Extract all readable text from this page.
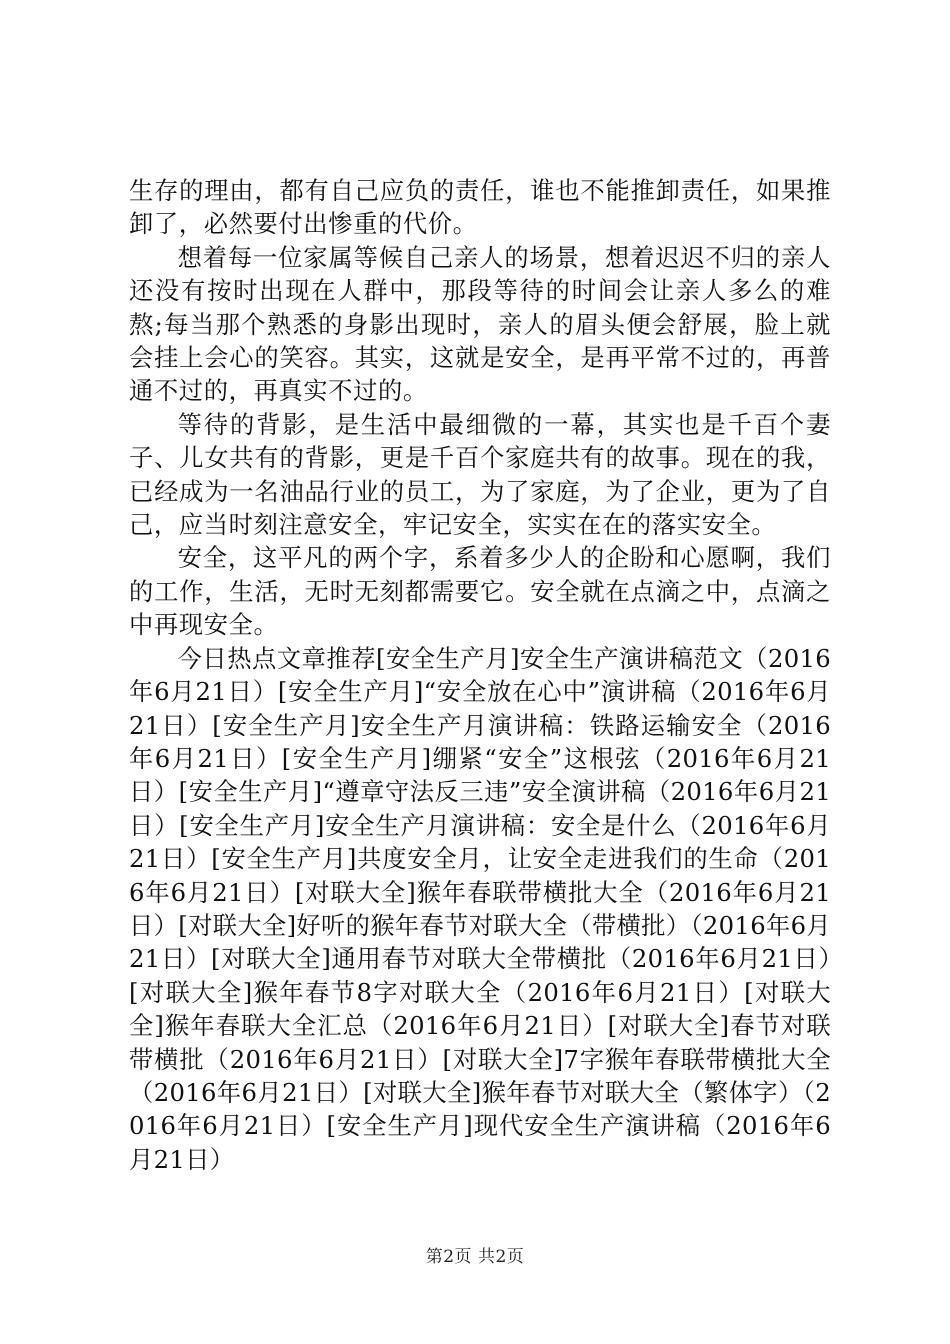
生存的理由，都有自己应负的责任，谁也不能推卸责任，如果推卸了，必然要付出惨重的代价。

想着每一位家属等候自己亲人的场景，想着迟迟不归的亲人还没有按时出现在人群中，那段等待的时间会让亲人多么的难熬;每当那个熟悉的身影出现时，亲人的眉头便会舒展，脸上就会挂上会心的笑容。其实，这就是安全，是再平常不过的，再普通不过的，再真实不过的。

等待的背影，是生活中最细微的一幕，其实也是千百个妻子、儿女共有的背影，更是千百个家庭共有的故事。现在的我，已经成为一名油品行业的员工，为了家庭，为了企业，更为了自己，应当时刻注意安全，牢记安全，实实在在的落实安全。

安全，这平凡的两个字，系着多少人的企盼和心愿啊，我们的工作，生活，无时无刻都需要它。安全就在点滴之中，点滴之中再现安全。

今日热点文章推荐[安全生产月]安全生产演讲稿范文（2016年6月21日）[安全生产月]“安全放在心中”演讲稿（2016年6月21日）[安全生产月]安全生产月演讲稿：铁路运输安全（2016年6月21日）[安全生产月]绷紧“安全”这根弦（2016年6月21日）[安全生产月]“遵章守法反三违”安全演讲稿（2016年6月21日）[安全生产月]安全生产月演讲稿：安全是什么（2016年6月21日）[安全生产月]共度安全月，让安全走进我们的生命（2016年6月21日）[对联大全]猴年春联带横批大全（2016年6月21日）[对联大全]好听的猴年春节对联大全（带横批）（2016年6月21日）[对联大全]通用春节对联大全带横批（2016年6月21日）[对联大全]猴年春节8字对联大全（2016年6月21日）[对联大全]猴年春联大全汇总（2016年6月21日）[对联大全]春节对联带横批（2016年6月21日）[对联大全]7字猴年春联带横批大全（2016年6月21日）[对联大全]猴年春节对联大全（繁体字）（2016年6月21日）[安全生产月]现代安全生产演讲稿（2016年6月21日）

第2页 共2页
